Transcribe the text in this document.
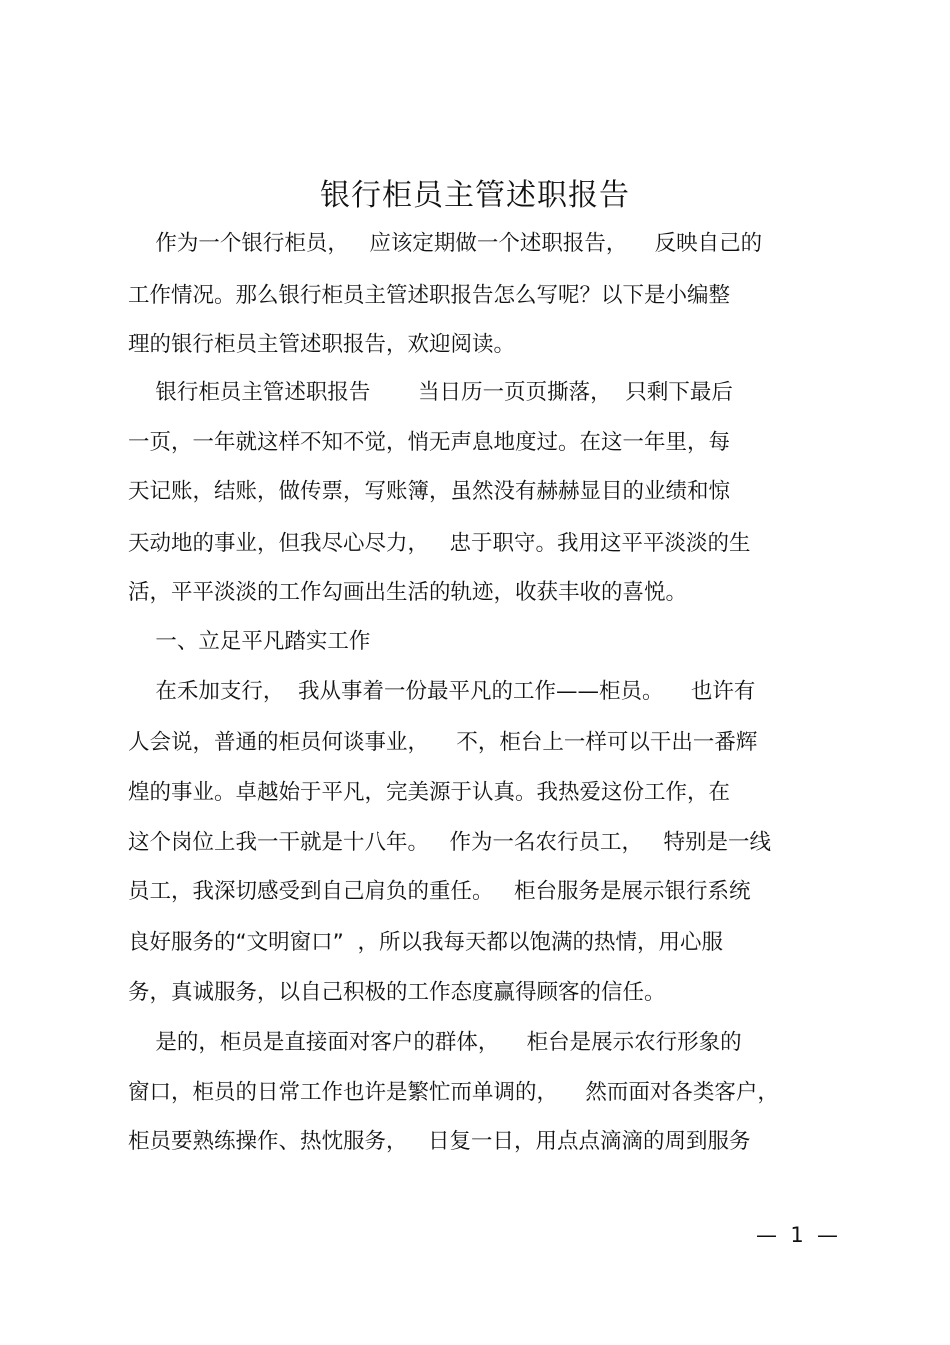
银行柜员主管述职报告
作为一个银行柜员，   应该定期做一个述职报告，    反映自己的
工作情况。那么银行柜员主管述职报告怎么写呢？以下是小编整
理的银行柜员主管述职报告，欢迎阅读。
银行柜员主管述职报告       当日历一页页撕落，  只剩下最后
一页，一年就这样不知不觉，悄无声息地度过。在这一年里，每
天记账，结账，做传票，写账簿，虽然没有赫赫显目的业绩和惊
天动地的事业，但我尽心尽力，   忠于职守。我用这平平淡淡的生
活，平平淡淡的工作勾画出生活的轨迹，收获丰收的喜悦。
一、立足平凡踏实工作
在禾加支行，  我从事着一份最平凡的工作——柜员。    也许有
人会说，普通的柜员何谈事业，    不，柜台上一样可以干出一番辉
煌的事业。卓越始于平凡，完美源于认真。我热爱这份工作，在
这个岗位上我一干就是十八年。   作为一名农行员工，   特别是一线
员工，我深切感受到自己肩负的重任。   柜台服务是展示银行系统
良好服务的“文明窗口”  ，所以我每天都以饱满的热情，用心服
务，真诚服务，以自己积极的工作态度赢得顾客的信任。
是的，柜员是直接面对客户的群体，    柜台是展示农行形象的
窗口，柜员的日常工作也许是繁忙而单调的，    然而面对各类客户，
柜员要熟练操作、热忱服务，   日复一日，用点点滴滴的周到服务
—  1  —
